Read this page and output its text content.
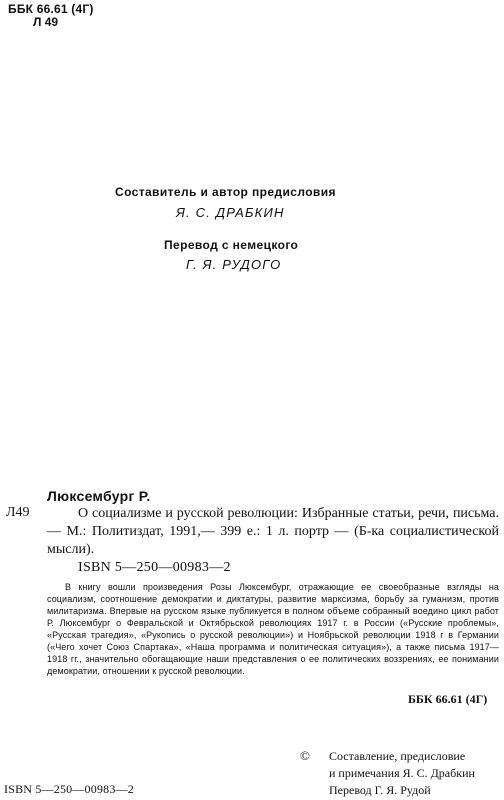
ББК 66.61 (4Г)
Л 49
Составитель и автор предисловия
Я. С. ДРАБКИН
Перевод с немецкого
Г. Я. РУДОГО
Люксембург Р.
Л49	О социализме и русской революции: Избранные статьи, речи, письма.— М.: Политиздат, 1991,— 399 е.: 1 л. портр — (Б-ка социалистической мысли).
ISBN 5—250—00983—2
В книгу вошли произведения Розы Люксембург, отражающие ее своеобразные взгляды на социализм, соотношение демократии и диктатуры, развитие марксизма, борьбу за гуманизм, против милитаризма. Впервые на русском языке публикуется в полном объеме собранный воедино цикл работ Р. Люксембург о Февральской и Октябрьской революциях 1917 г. в России («Русские проблемы», «Русская трагедия», «Рукопись о русской революции») и Ноябрьской революции 1918 г в Германии («Чего хочет Союз Спартака», «Наша программа и политическая ситуация»), а также письма 1917—1918 гг., значительно обогащающие наши представления о ее политических воззрениях, ее понимании демократии, отношении к русской революции.
ББК 66.61 (4Г)
© Составление, предисловие
и примечания Я. С. Драбкин
Перевод Г. Я. Рудой
ISBN 5—250—00983—2
